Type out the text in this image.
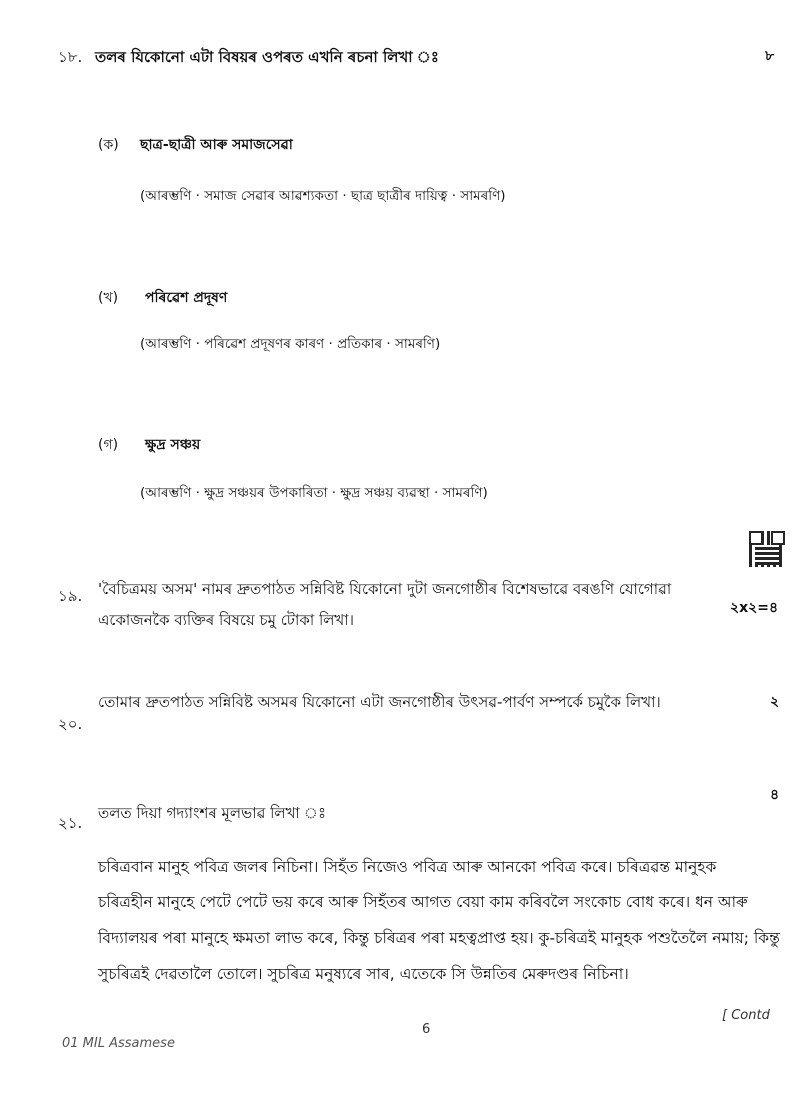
১৮. তলৰ যিকোনো এটা বিষয়ৰ ওপৰত এখনি ৰচনা লিখা ঃ	৮
(ক) ছাত্ৰ-ছাত্ৰী আৰু সমাজসেৱা
(আৰম্ভণি · সমাজ সেৱাৰ আৱশ্যকতা · ছাত্ৰ ছাত্ৰীৰ দায়িত্ব · সামৰণি)
(খ) পৰিৱেশ প্ৰদূষণ
(আৰম্ভণি · পৰিৱেশ প্ৰদূষণৰ কাৰণ · প্ৰতিকাৰ · সামৰণি)
(গ) ক্ষুদ্ৰ সঞ্চয়
(আৰম্ভণি · ক্ষুদ্ৰ সঞ্চয়ৰ উপকাৰিতা · ক্ষুদ্ৰ সঞ্চয় ব্যৱস্থা · সামৰণি)
১৯. 'বৈচিত্ৰময় অসম' নামৰ দ্ৰুতপাঠত সন্নিবিষ্ট যিকোনো দুটা জনগোষ্ঠীৰ বিশেষভাৱে বৰঙণি যোগোৱা
২x২=৪
একোজনকৈ ব্যক্তিৰ বিষয়ে চমু টোকা লিখা।
২০.
তোমাৰ দ্ৰুতপাঠত সন্নিবিষ্ট অসমৰ যিকোনো এটা জনগোষ্ঠীৰ উৎসৱ-পাৰ্বণ সম্পৰ্কে চমুকৈ লিখা।	২
৪
২১.
তলত দিয়া গদ্যাংশৰ মূলভাৱ লিখা ঃ
চৰিত্ৰবান মানুহ পবিত্ৰ জলৰ নিচিনা। সিহঁত নিজেও পবিত্ৰ আৰু আনকো পবিত্ৰ কৰে। চৰিত্ৰৱন্ত মানুহক
চৰিত্ৰহীন মানুহে পেটে পেটে ভয় কৰে আৰু সিহঁতৰ আগত বেয়া কাম কৰিবলৈ সংকোচ বোধ কৰে। ধন আৰু
বিদ্যালয়ৰ পৰা মানুহে ক্ষমতা লাভ কৰে, কিন্তু চৰিত্ৰৰ পৰা মহত্বপ্ৰাপ্ত হয়। কু-চৰিত্ৰই মানুহক পশুতৈলৈ নমায়; কিন্তু
সুচৰিত্ৰই দেৱতালৈ তোলে। সুচৰিত্ৰ মনুষ্যৰে সাৰ, এতেকে সি উন্নতিৰ মেৰুদণ্ডৰ নিচিনা।
6
[ Contd
01 MIL Assamese
